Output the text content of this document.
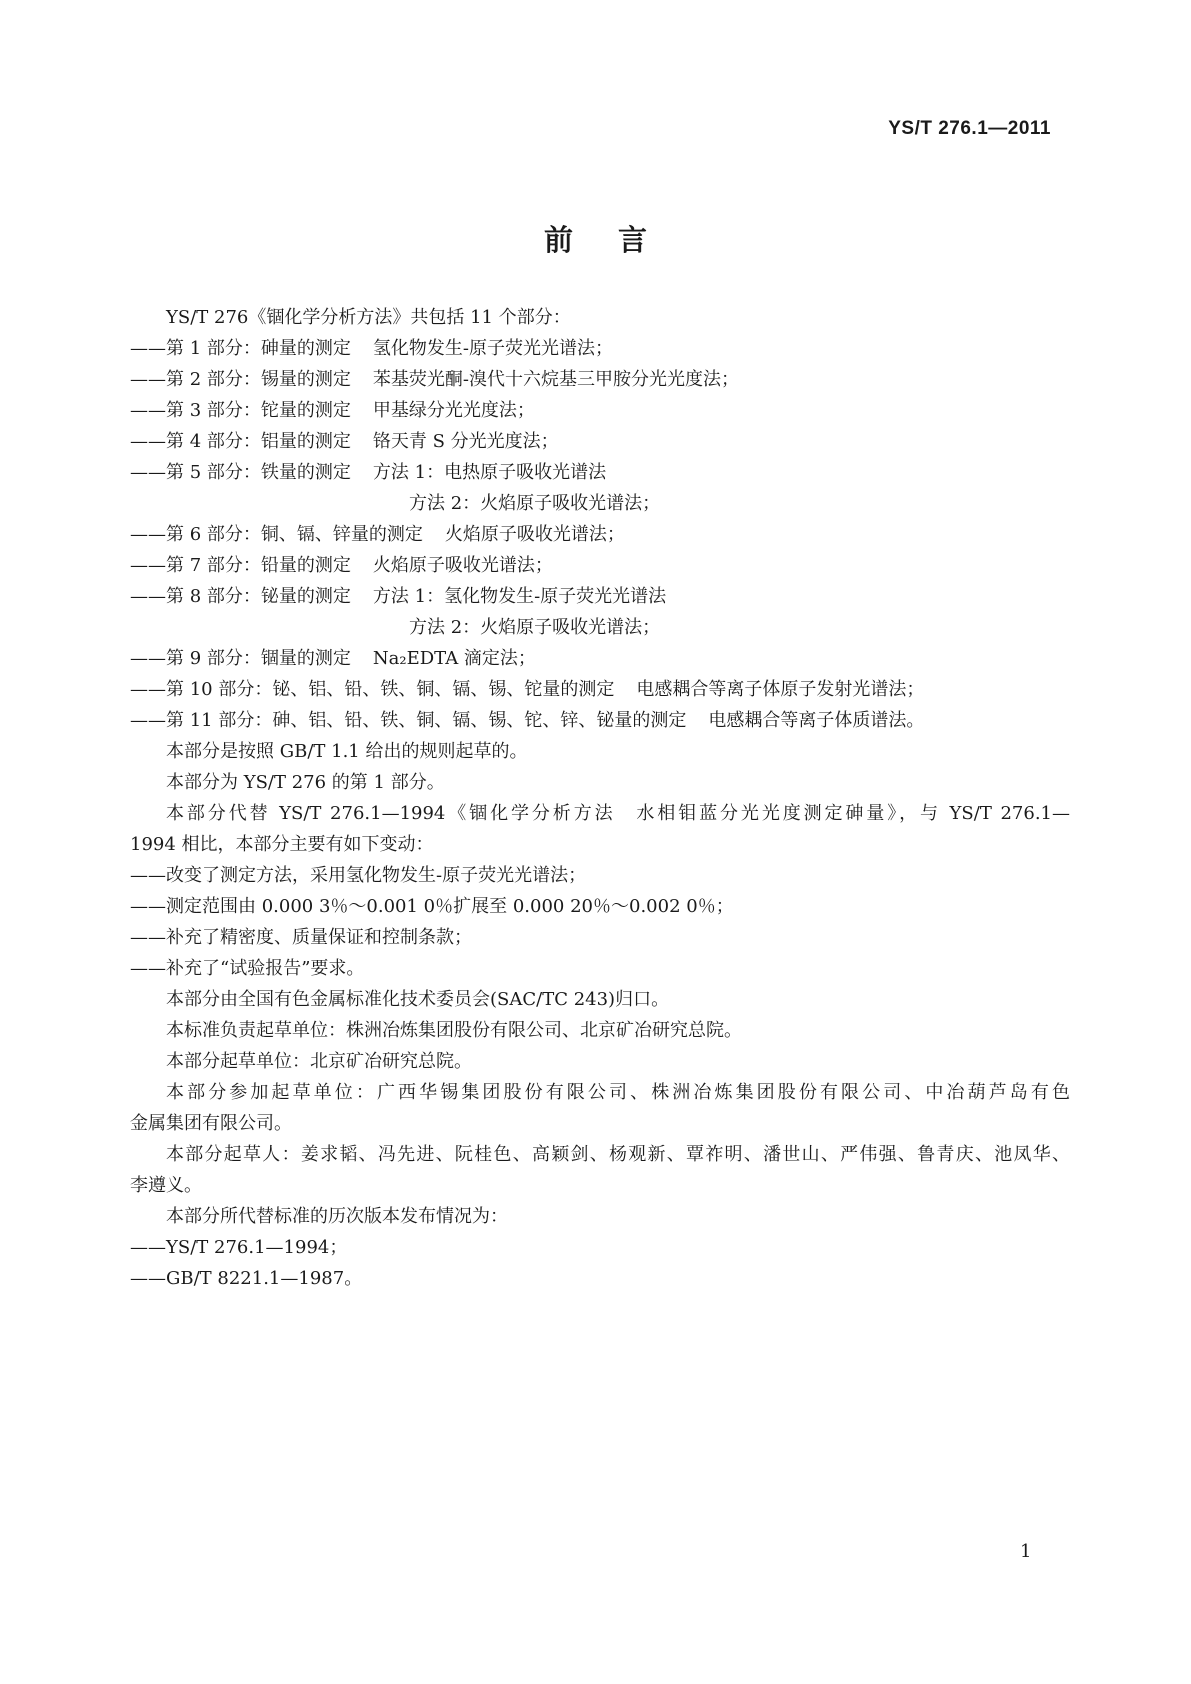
YS/T 276.1—2011
前言
YS/T 276《锢化学分析方法》共包括 11 个部分：
——第 1 部分：砷量的测定 氢化物发生-原子荧光光谱法；
——第 2 部分：锡量的测定 苯基荧光酮-溴代十六烷基三甲胺分光光度法；
——第 3 部分：铊量的测定 甲基绿分光光度法；
——第 4 部分：铝量的测定 铬天青 S 分光光度法；
——第 5 部分：铁量的测定 方法 1：电热原子吸收光谱法
方法 2：火焰原子吸收光谱法；
——第 6 部分：铜、镉、锌量的测定 火焰原子吸收光谱法；
——第 7 部分：铅量的测定 火焰原子吸收光谱法；
——第 8 部分：铋量的测定 方法 1：氢化物发生-原子荧光光谱法
方法 2：火焰原子吸收光谱法；
——第 9 部分：锢量的测定 Na₂EDTA 滴定法；
——第 10 部分：铋、铝、铅、铁、铜、镉、锡、铊量的测定 电感耦合等离子体原子发射光谱法；
——第 11 部分：砷、铝、铅、铁、铜、镉、锡、铊、锌、铋量的测定 电感耦合等离子体质谱法。
本部分是按照 GB/T 1.1 给出的规则起草的。
本部分为 YS/T 276 的第 1 部分。
本部分代替 YS/T 276.1—1994《锢化学分析方法　水相钼蓝分光光度测定砷量》，与 YS/T 276.1—
1994 相比，本部分主要有如下变动：
——改变了测定方法，采用氢化物发生-原子荧光光谱法；
——测定范围由 0.000 3％～0.001 0％扩展至 0.000 20％～0.002 0％；
——补充了精密度、质量保证和控制条款；
——补充了“试验报告”要求。
本部分由全国有色金属标准化技术委员会(SAC/TC 243)归口。
本标准负责起草单位：株洲冶炼集团股份有限公司、北京矿冶研究总院。
本部分起草单位：北京矿冶研究总院。
本部分参加起草单位：广西华锡集团股份有限公司、株洲冶炼集团股份有限公司、中冶葫芦岛有色
金属集团有限公司。
本部分起草人：姜求韬、冯先进、阮桂色、高颖剑、杨观新、覃祚明、潘世山、严伟强、鲁青庆、池凤华、
李遵义。
本部分所代替标准的历次版本发布情况为：
——YS/T 276.1—1994；
——GB/T 8221.1—1987。
1
